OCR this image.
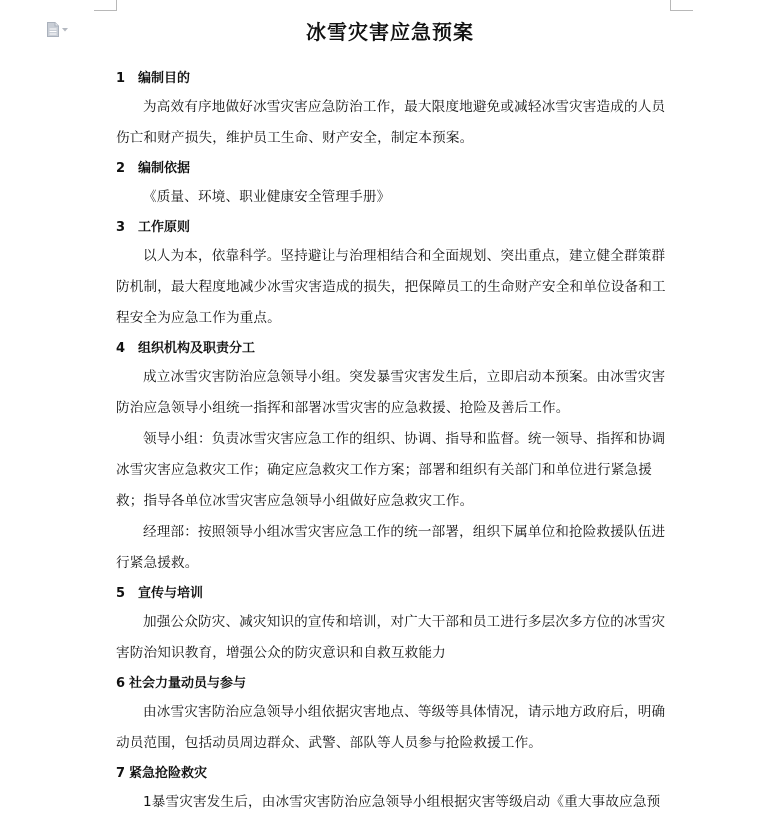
冰雪灾害应急预案
1 编制目的
为高效有序地做好冰雪灾害应急防治工作，最大限度地避免或减轻冰雪灾害造成的人员伤亡和财产损失，维护员工生命、财产安全，制定本预案。
2 编制依据
《质量、环境、职业健康安全管理手册》
3 工作原则
以人为本，依靠科学。坚持避让与治理相结合和全面规划、突出重点，建立健全群策群防机制，最大程度地减少冰雪灾害造成的损失，把保障员工的生命财产安全和单位设备和工程安全为应急工作为重点。
4 组织机构及职责分工
成立冰雪灾害防治应急领导小组。突发暴雪灾害发生后，立即启动本预案。由冰雪灾害防治应急领导小组统一指挥和部署冰雪灾害的应急救援、抢险及善后工作。
领导小组：负责冰雪灾害应急工作的组织、协调、指导和监督。统一领导、指挥和协调冰雪灾害应急救灾工作；确定应急救灾工作方案；部署和组织有关部门和单位进行紧急援救；指导各单位冰雪灾害应急领导小组做好应急救灾工作。
经理部：按照领导小组冰雪灾害应急工作的统一部署，组织下属单位和抢险救援队伍进行紧急援救。
5 宣传与培训
加强公众防灾、减灾知识的宣传和培训，对广大干部和员工进行多层次多方位的冰雪灾害防治知识教育，增强公众的防灾意识和自救互救能力
6 社会力量动员与参与
由冰雪灾害防治应急领导小组依据灾害地点、等级等具体情况，请示地方政府后，明确动员范围，包括动员周边群众、武警、部队等人员参与抢险救援工作。
7 紧急抢险救灾
1暴雪灾害发生后，由冰雪灾害防治应急领导小组根据灾害等级启动《重大事故应急预
